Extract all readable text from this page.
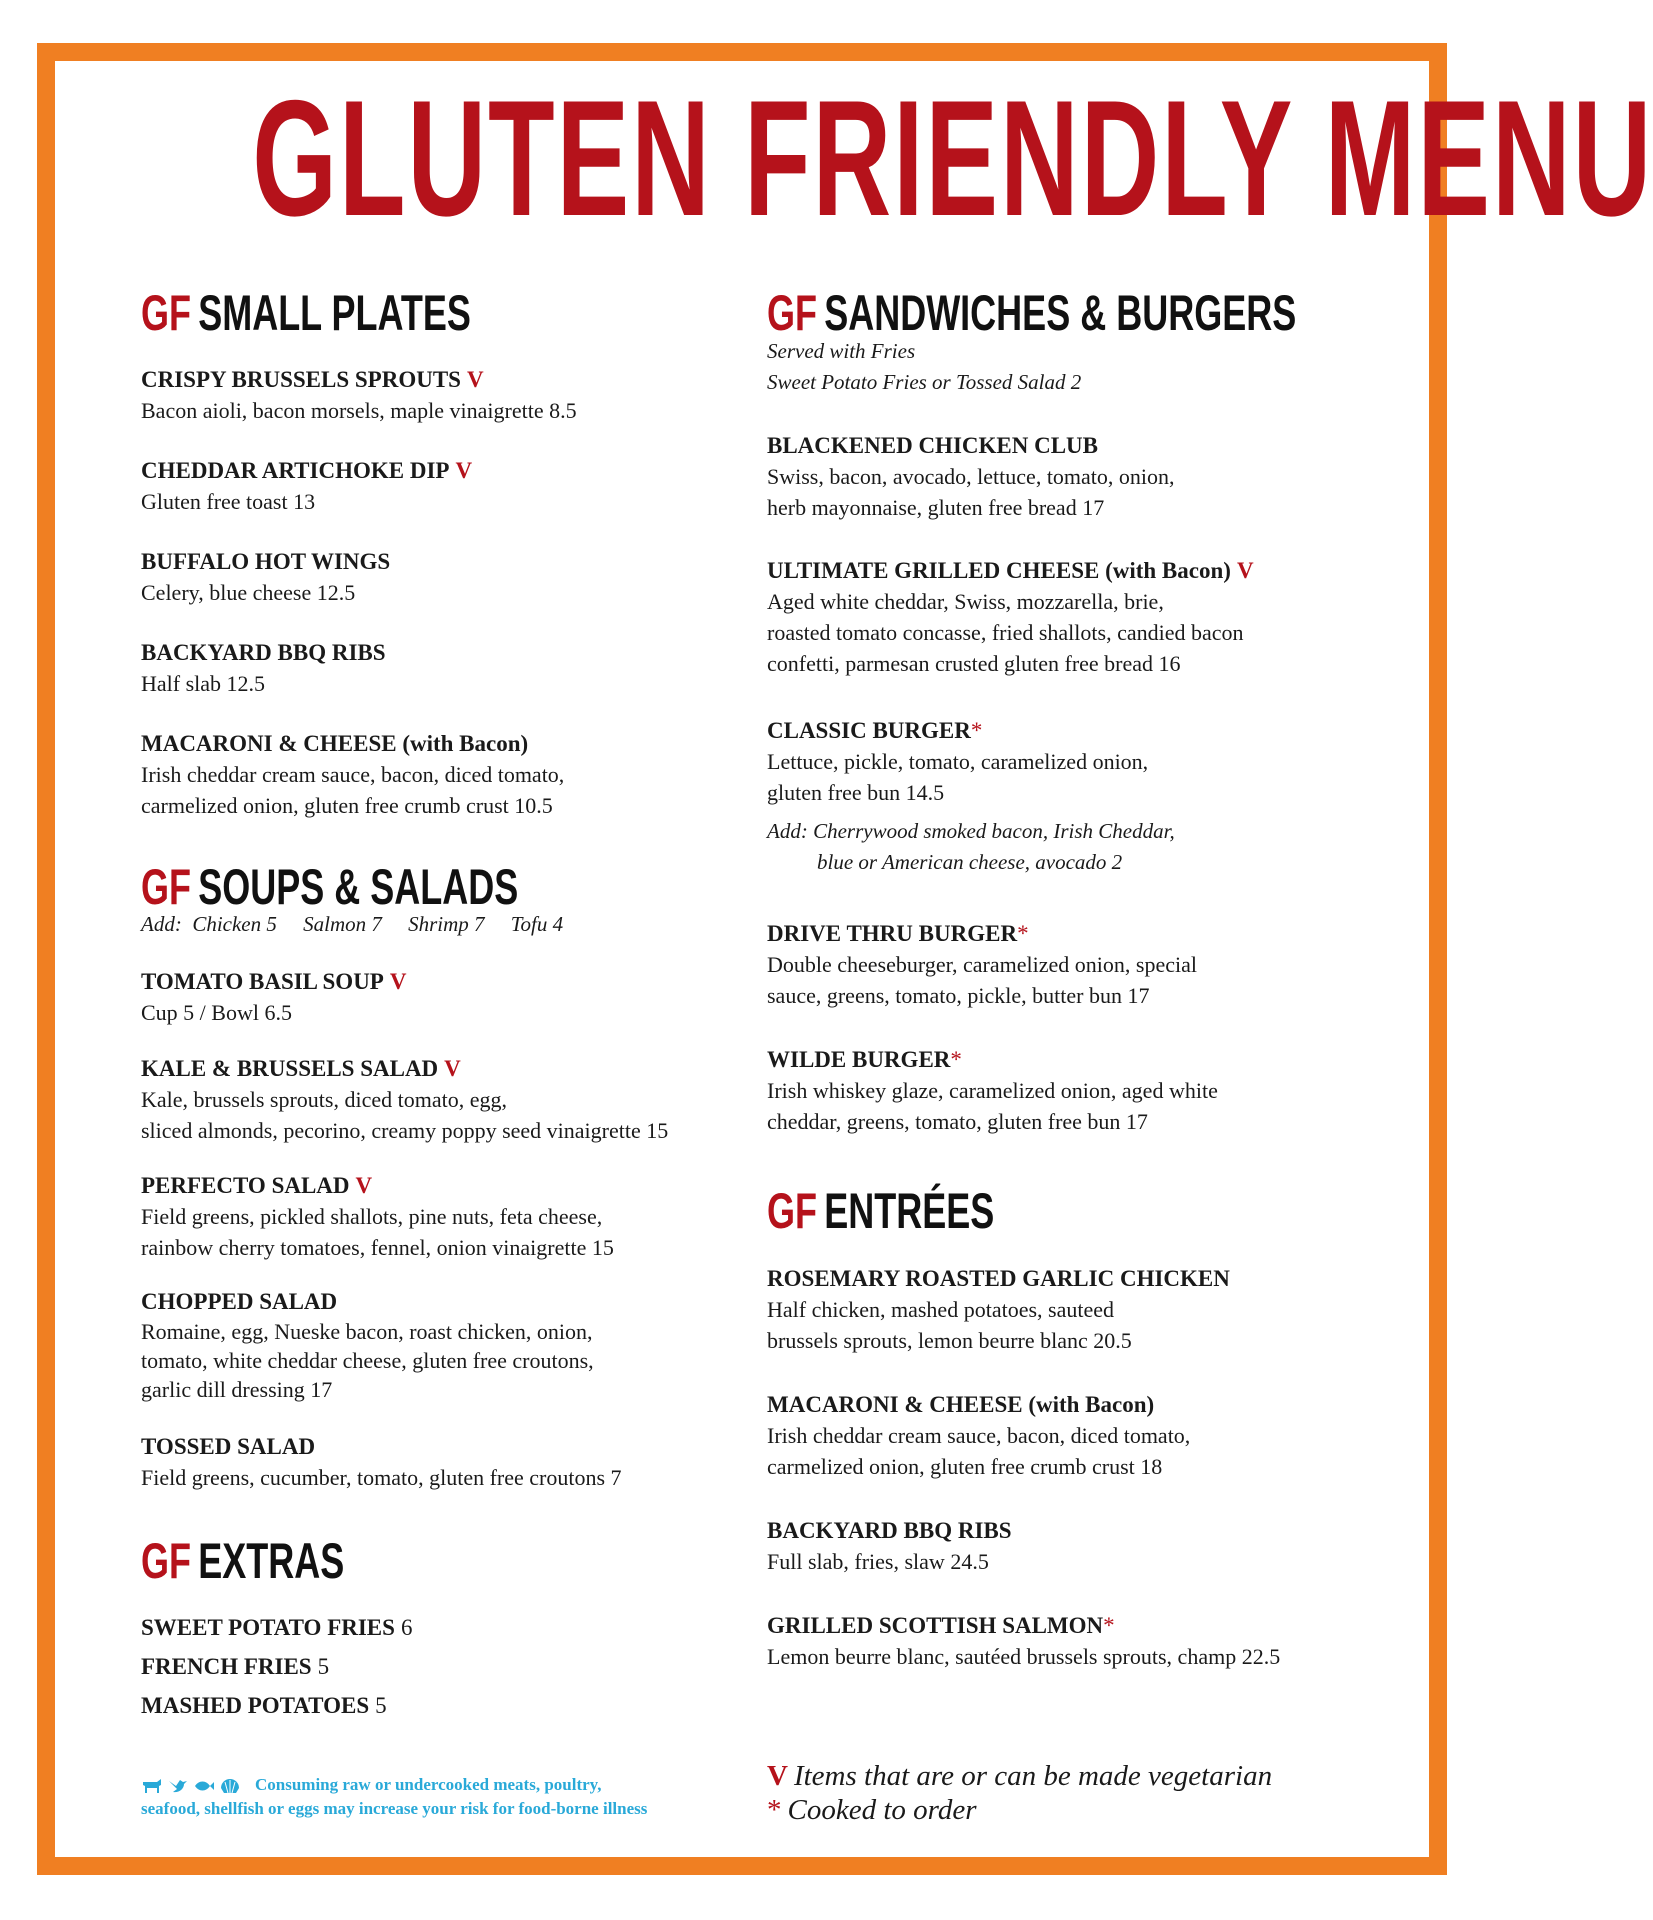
GLUTEN FRIENDLY MENU
GF SMALL PLATES
CRISPY BRUSSELS SPROUTS V
Bacon aioli, bacon morsels, maple vinaigrette 8.5
CHEDDAR ARTICHOKE DIP V
Gluten free toast 13
BUFFALO HOT WINGS
Celery, blue cheese 12.5
BACKYARD BBQ RIBS
Half slab 12.5
MACARONI & CHEESE (with Bacon)
Irish cheddar cream sauce, bacon, diced tomato,
carmelized onion, gluten free crumb crust 10.5
GF SOUPS & SALADS
Add:  Chicken 5     Salmon 7     Shrimp 7     Tofu 4
TOMATO BASIL SOUP V
Cup 5 / Bowl 6.5
KALE & BRUSSELS SALAD V
Kale, brussels sprouts, diced tomato, egg,
sliced almonds, pecorino, creamy poppy seed vinaigrette 15
PERFECTO SALAD V
Field greens, pickled shallots, pine nuts, feta cheese,
rainbow cherry tomatoes, fennel, onion vinaigrette 15
CHOPPED SALAD
Romaine, egg, Nueske bacon, roast chicken, onion,
tomato, white cheddar cheese, gluten free croutons,
garlic dill dressing 17
TOSSED SALAD
Field greens, cucumber, tomato, gluten free croutons 7
GF EXTRAS
SWEET POTATO FRIES 6
FRENCH FRIES 5
MASHED POTATOES 5
Consuming raw or undercooked meats, poultry,
seafood, shellfish or eggs may increase your risk for food-borne illness
GF SANDWICHES & BURGERS
Served with Fries
Sweet Potato Fries or Tossed Salad 2
BLACKENED CHICKEN CLUB
Swiss, bacon, avocado, lettuce, tomato, onion,
herb mayonnaise, gluten free bread 17
ULTIMATE GRILLED CHEESE (with Bacon) V
Aged white cheddar, Swiss, mozzarella, brie,
roasted tomato concasse, fried shallots, candied bacon
confetti, parmesan crusted gluten free bread 16
CLASSIC BURGER*
Lettuce, pickle, tomato, caramelized onion,
gluten free bun 14.5
Add: Cherrywood smoked bacon, Irish Cheddar,
blue or American cheese, avocado 2
DRIVE THRU BURGER*
Double cheeseburger, caramelized onion, special
sauce, greens, tomato, pickle, butter bun 17
WILDE BURGER*
Irish whiskey glaze, caramelized onion, aged white
cheddar, greens, tomato, gluten free bun 17
GF ENTRÉES
ROSEMARY ROASTED GARLIC CHICKEN
Half chicken, mashed potatoes, sauteed
brussels sprouts, lemon beurre blanc 20.5
MACARONI & CHEESE (with Bacon)
Irish cheddar cream sauce, bacon, diced tomato,
carmelized onion, gluten free crumb crust 18
BACKYARD BBQ RIBS
Full slab, fries, slaw 24.5
GRILLED SCOTTISH SALMON*
Lemon beurre blanc, sautéed brussels sprouts, champ 22.5
V Items that are or can be made vegetarian
* Cooked to order
